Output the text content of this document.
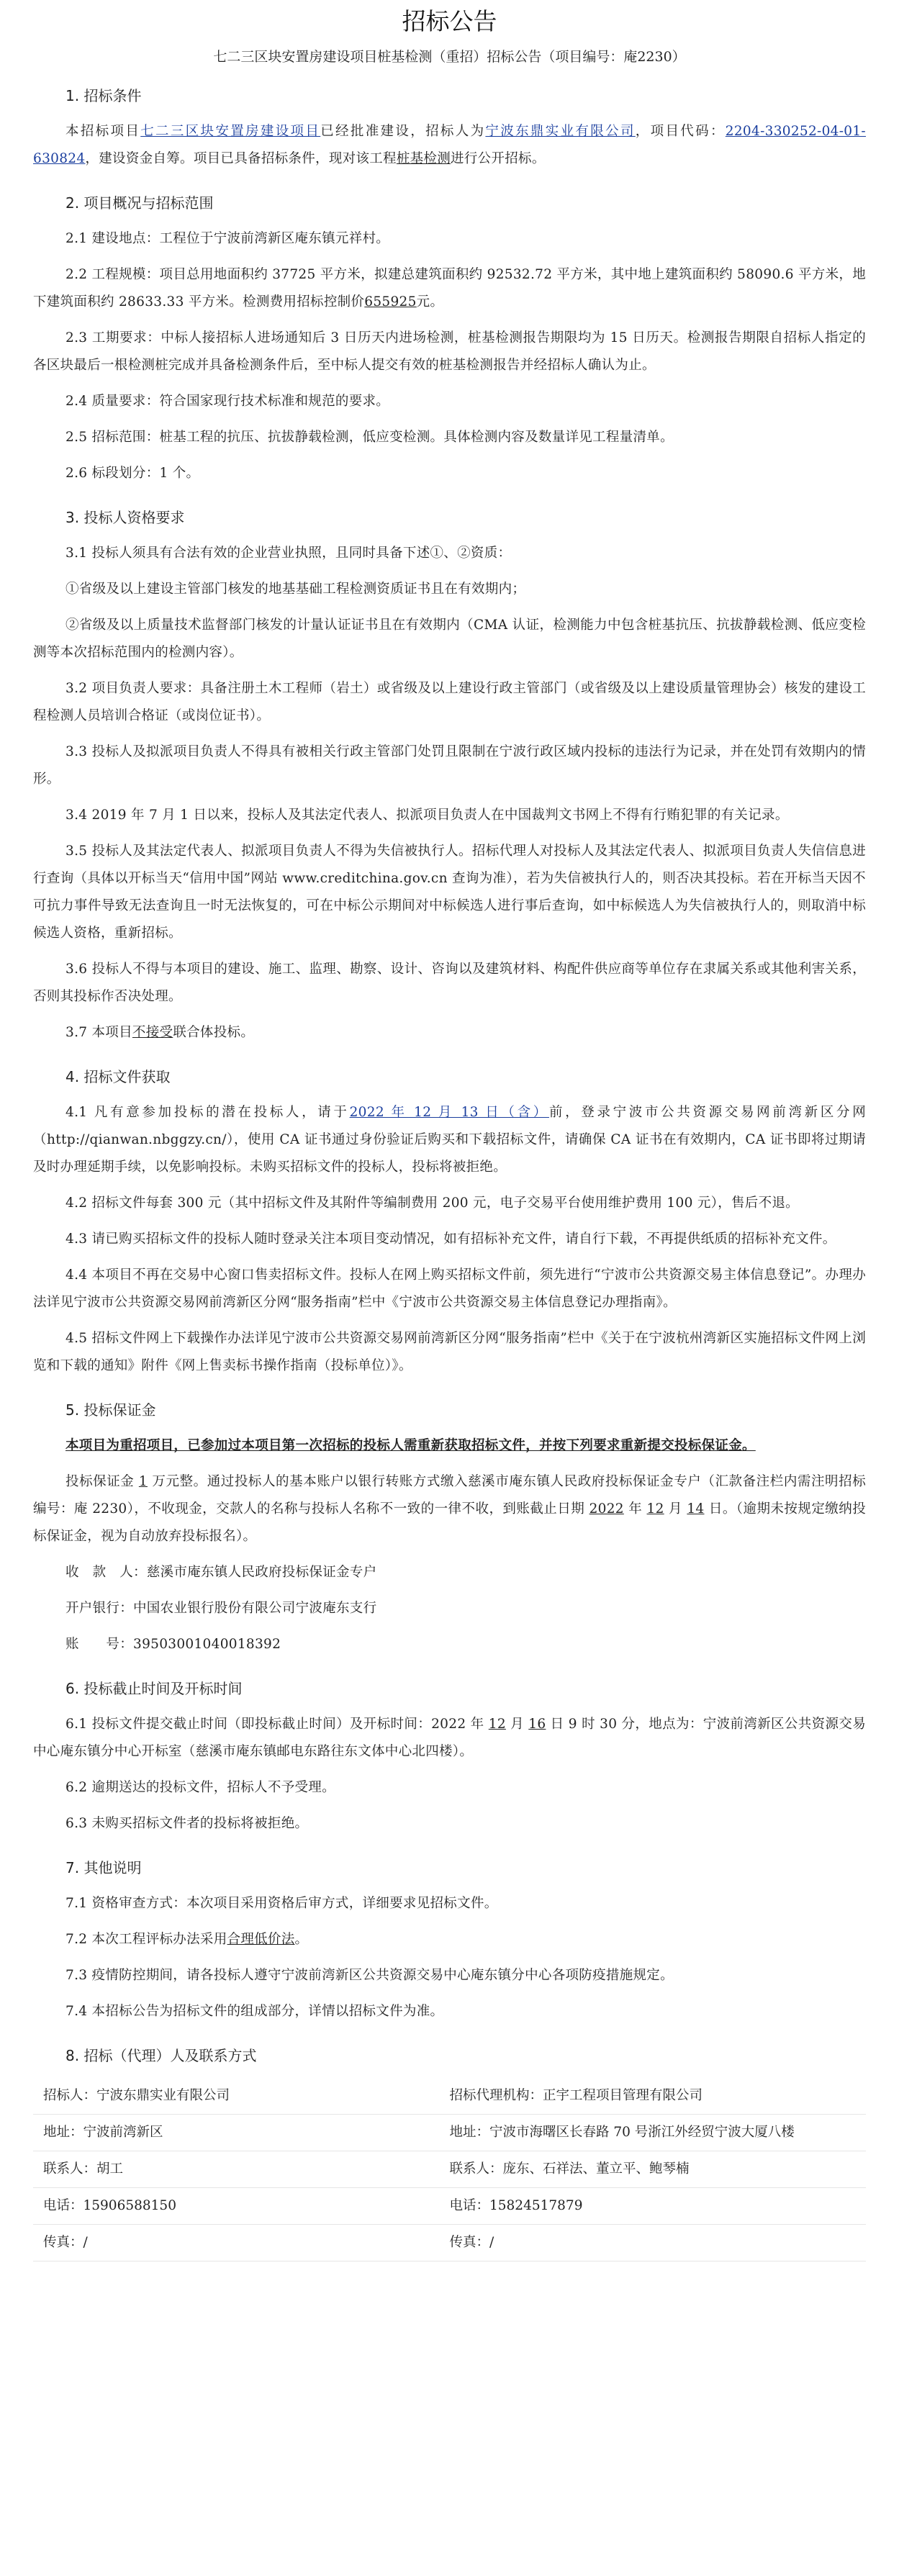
招标公告
七二三区块安置房建设项目桩基检测（重招）招标公告（项目编号：庵2230）
1. 招标条件

本招标项目七二三区块安置房建设项目已经批准建设，招标人为宁波东鼎实业有限公司，项目代码：2204-330252-04-01-630824，建设资金自筹。项目已具备招标条件，现对该工程桩基检测进行公开招标。

2. 项目概况与招标范围

2.1 建设地点：工程位于宁波前湾新区庵东镇元祥村。

2.2 工程规模：项目总用地面积约 37725 平方米，拟建总建筑面积约 92532.72 平方米，其中地上建筑面积约 58090.6 平方米，地下建筑面积约 28633.33 平方米。检测费用招标控制价655925元。

2.3 工期要求：中标人接招标人进场通知后 3 日历天内进场检测，桩基检测报告期限均为 15 日历天。检测报告期限自招标人指定的各区块最后一根检测桩完成并具备检测条件后，至中标人提交有效的桩基检测报告并经招标人确认为止。

2.4 质量要求：符合国家现行技术标准和规范的要求。

2.5 招标范围：桩基工程的抗压、抗拔静载检测，低应变检测。具体检测内容及数量详见工程量清单。

2.6 标段划分：1 个。

3. 投标人资格要求

3.1 投标人须具有合法有效的企业营业执照，且同时具备下述①、②资质：

①省级及以上建设主管部门核发的地基基础工程检测资质证书且在有效期内；

②省级及以上质量技术监督部门核发的计量认证证书且在有效期内（CMA 认证，检测能力中包含桩基抗压、抗拔静载检测、低应变检测等本次招标范围内的检测内容）。

3.2 项目负责人要求：具备注册土木工程师（岩土）或省级及以上建设行政主管部门（或省级及以上建设质量管理协会）核发的建设工程检测人员培训合格证（或岗位证书）。

3.3 投标人及拟派项目负责人不得具有被相关行政主管部门处罚且限制在宁波行政区域内投标的违法行为记录，并在处罚有效期内的情形。

3.4 2019 年 7 月 1 日以来，投标人及其法定代表人、拟派项目负责人在中国裁判文书网上不得有行贿犯罪的有关记录。

3.5 投标人及其法定代表人、拟派项目负责人不得为失信被执行人。招标代理人对投标人及其法定代表人、拟派项目负责人失信信息进行查询（具体以开标当天“信用中国”网站 www.creditchina.gov.cn 查询为准），若为失信被执行人的，则否决其投标。若在开标当天因不可抗力事件导致无法查询且一时无法恢复的，可在中标公示期间对中标候选人进行事后查询，如中标候选人为失信被执行人的，则取消中标候选人资格，重新招标。

3.6 投标人不得与本项目的建设、施工、监理、勘察、设计、咨询以及建筑材料、构配件供应商等单位存在隶属关系或其他利害关系，否则其投标作否决处理。

3.7 本项目不接受联合体投标。

4. 招标文件获取

4.1 凡有意参加投标的潜在投标人，请于2022 年 12 月 13 日（含）前，登录宁波市公共资源交易网前湾新区分网（http://qianwan.nbggzy.cn/），使用 CA 证书通过身份验证后购买和下载招标文件，请确保 CA 证书在有效期内，CA 证书即将过期请及时办理延期手续，以免影响投标。未购买招标文件的投标人，投标将被拒绝。

4.2 招标文件每套 300 元（其中招标文件及其附件等编制费用 200 元，电子交易平台使用维护费用 100 元），售后不退。

4.3 请已购买招标文件的投标人随时登录关注本项目变动情况，如有招标补充文件，请自行下载，不再提供纸质的招标补充文件。

4.4 本项目不再在交易中心窗口售卖招标文件。投标人在网上购买招标文件前，须先进行“宁波市公共资源交易主体信息登记”。办理办法详见宁波市公共资源交易网前湾新区分网“服务指南”栏中《宁波市公共资源交易主体信息登记办理指南》。

4.5 招标文件网上下载操作办法详见宁波市公共资源交易网前湾新区分网“服务指南”栏中《关于在宁波杭州湾新区实施招标文件网上浏览和下载的通知》附件《网上售卖标书操作指南（投标单位）》。

5. 投标保证金

本项目为重招项目，已参加过本项目第一次招标的投标人需重新获取招标文件，并按下列要求重新提交投标保证金。

投标保证金 1 万元整。通过投标人的基本账户以银行转账方式缴入慈溪市庵东镇人民政府投标保证金专户（汇款备注栏内需注明招标编号：庵 2230），不收现金，交款人的名称与投标人名称不一致的一律不收，到账截止日期 2022 年 12 月 14 日。（逾期未按规定缴纳投标保证金，视为自动放弃投标报名）。

收　款　人：慈溪市庵东镇人民政府投标保证金专户

开户银行：中国农业银行股份有限公司宁波庵东支行

账　　号：39503001040018392

6. 投标截止时间及开标时间

6.1 投标文件提交截止时间（即投标截止时间）及开标时间：2022 年 12 月 16 日 9 时 30 分，地点为：宁波前湾新区公共资源交易中心庵东镇分中心开标室（慈溪市庵东镇邮电东路往东文体中心北四楼）。

6.2 逾期送达的投标文件，招标人不予受理。

6.3 未购买招标文件者的投标将被拒绝。

7. 其他说明

7.1 资格审查方式：本次项目采用资格后审方式，详细要求见招标文件。

7.2 本次工程评标办法采用合理低价法。

7.3 疫情防控期间，请各投标人遵守宁波前湾新区公共资源交易中心庵东镇分中心各项防疫措施规定。

7.4 本招标公告为招标文件的组成部分，详情以招标文件为准。

8. 招标（代理）人及联系方式
招标人：宁波东鼎实业有限公司	招标代理机构：正宇工程项目管理有限公司
地址：宁波前湾新区	地址：宁波市海曙区长春路 70 号浙江外经贸宁波大厦八楼
联系人：胡工	联系人：庞东、石祥法、董立平、鲍琴楠
电话：15906588150	电话：15824517879
传真：/	传真：/
